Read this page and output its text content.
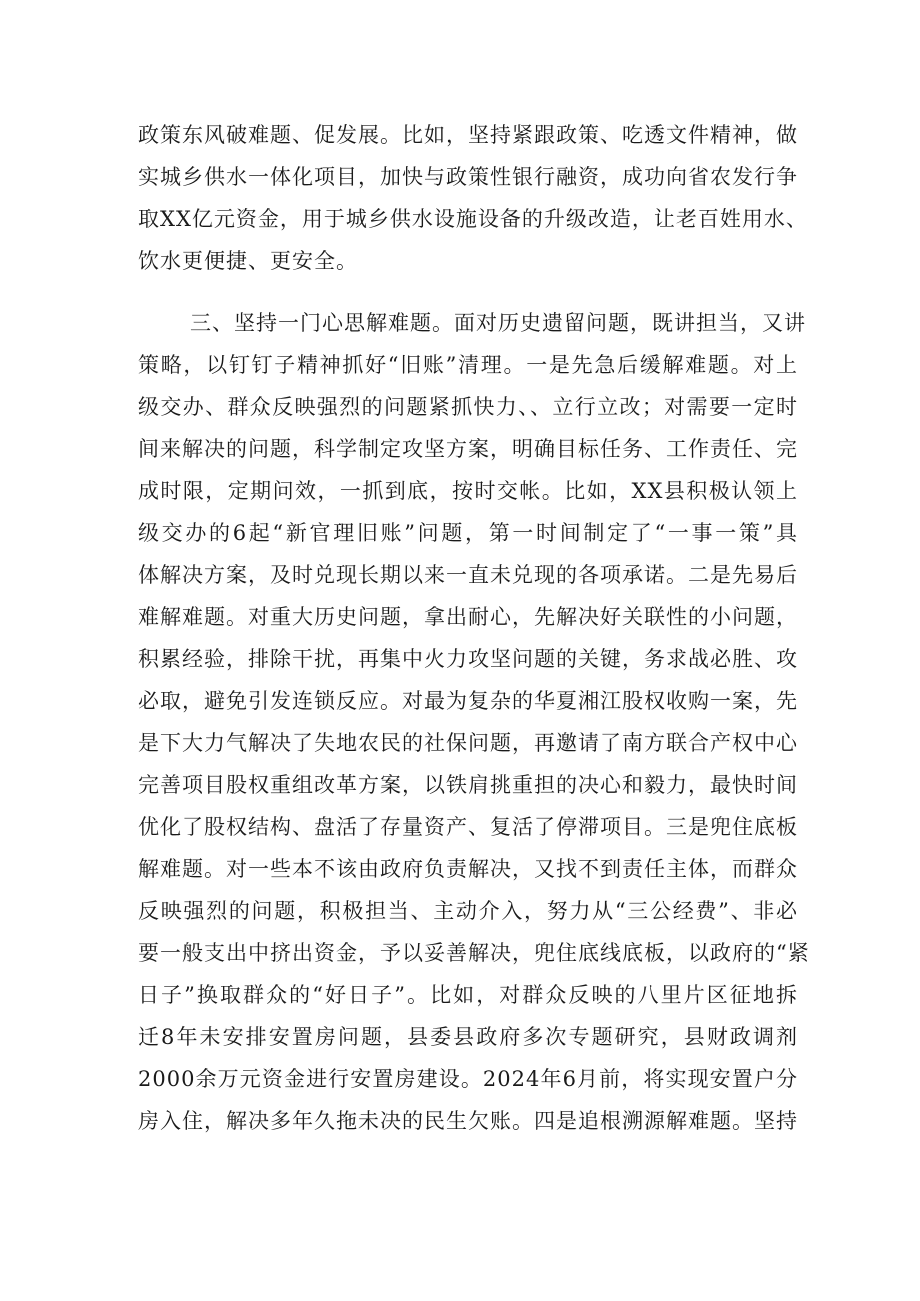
政策东风破难题、促发展。比如，坚持紧跟政策、吃透文件精神，做
实城乡供水一体化项目，加快与政策性银行融资，成功向省农发行争
取XX亿元资金，用于城乡供水设施设备的升级改造，让老百姓用水、
饮水更便捷、更安全。
三、坚持一门心思解难题。面对历史遗留问题，既讲担当，又讲
策略，以钉钉子精神抓好“旧账”清理。一是先急后缓解难题。对上
级交办、群众反映强烈的问题紧抓快力、、立行立改；对需要一定时
间来解决的问题，科学制定攻坚方案，明确目标任务、工作责任、完
成时限，定期问效，一抓到底，按时交帐。比如，XX县积极认领上
级交办的6起“新官理旧账”问题，第一时间制定了“一事一策”具
体解决方案，及时兑现长期以来一直未兑现的各项承诺。二是先易后
难解难题。对重大历史问题，拿出耐心，先解决好关联性的小问题，
积累经验，排除干扰，再集中火力攻坚问题的关键，务求战必胜、攻
必取，避免引发连锁反应。对最为复杂的华夏湘江股权收购一案，先
是下大力气解决了失地农民的社保问题，再邀请了南方联合产权中心
完善项目股权重组改革方案，以铁肩挑重担的决心和毅力，最快时间
优化了股权结构、盘活了存量资产、复活了停滞项目。三是兜住底板
解难题。对一些本不该由政府负责解决，又找不到责任主体，而群众
反映强烈的问题，积极担当、主动介入，努力从“三公经费”、非必
要一般支出中挤出资金，予以妥善解决，兜住底线底板，以政府的“紧
日子”换取群众的“好日子”。比如，对群众反映的八里片区征地拆
迁8年未安排安置房问题，县委县政府多次专题研究，县财政调剂
2000余万元资金进行安置房建设。2024年6月前，将实现安置户分
房入住，解决多年久拖未决的民生欠账。四是追根溯源解难题。坚持
